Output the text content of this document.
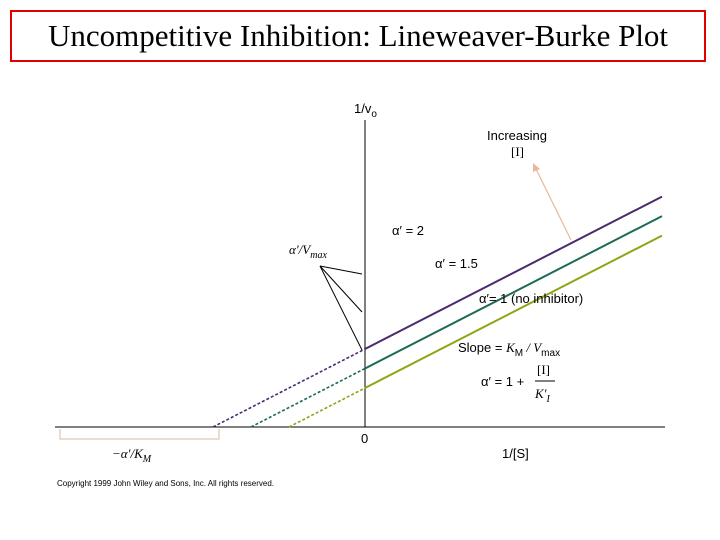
Uncompetitive Inhibition: Lineweaver-Burke Plot
$1/v_o$
0
1/[S]
$-\alpha'/K_M$
$\alpha'/V_{max}$
Increasing
[I]
α′ = 2
α′ = 1.5
α′= 1 (no inhibitor)
Slope = $K_M / V_{max}$
α′ = 1 +
[I]
$K'_I$
Copyright 1999 John Wiley and Sons, Inc. All rights reserved.
